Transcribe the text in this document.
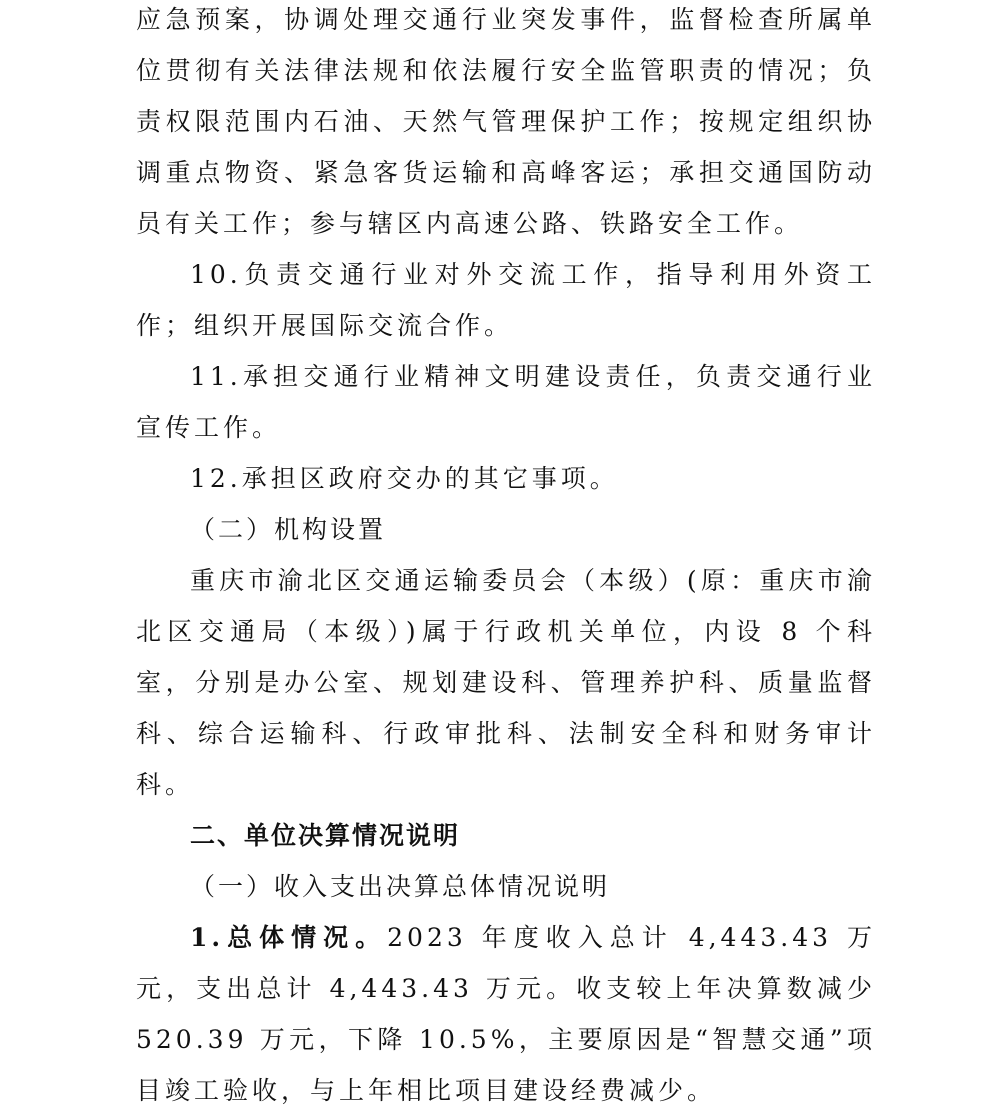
应急预案，协调处理交通行业突发事件，监督检查所属单位贯彻有关法律法规和依法履行安全监管职责的情况；负责权限范围内石油、天然气管理保护工作；按规定组织协调重点物资、紧急客货运输和高峰客运；承担交通国防动员有关工作；参与辖区内高速公路、铁路安全工作。

10.负责交通行业对外交流工作，指导利用外资工作；组织开展国际交流合作。

11.承担交通行业精神文明建设责任，负责交通行业宣传工作。

12.承担区政府交办的其它事项。

（二）机构设置

重庆市渝北区交通运输委员会（本级）(原：重庆市渝北区交通局（本级）)属于行政机关单位，内设 8 个科室，分别是办公室、规划建设科、管理养护科、质量监督科、综合运输科、行政审批科、法制安全科和财务审计科。

二、单位决算情况说明

（一）收入支出决算总体情况说明

1.总体情况。2023 年度收入总计 4,443.43 万元，支出总计 4,443.43 万元。收支较上年决算数减少 520.39 万元，下降 10.5%，主要原因是“智慧交通”项目竣工验收，与上年相比项目建设经费减少。
